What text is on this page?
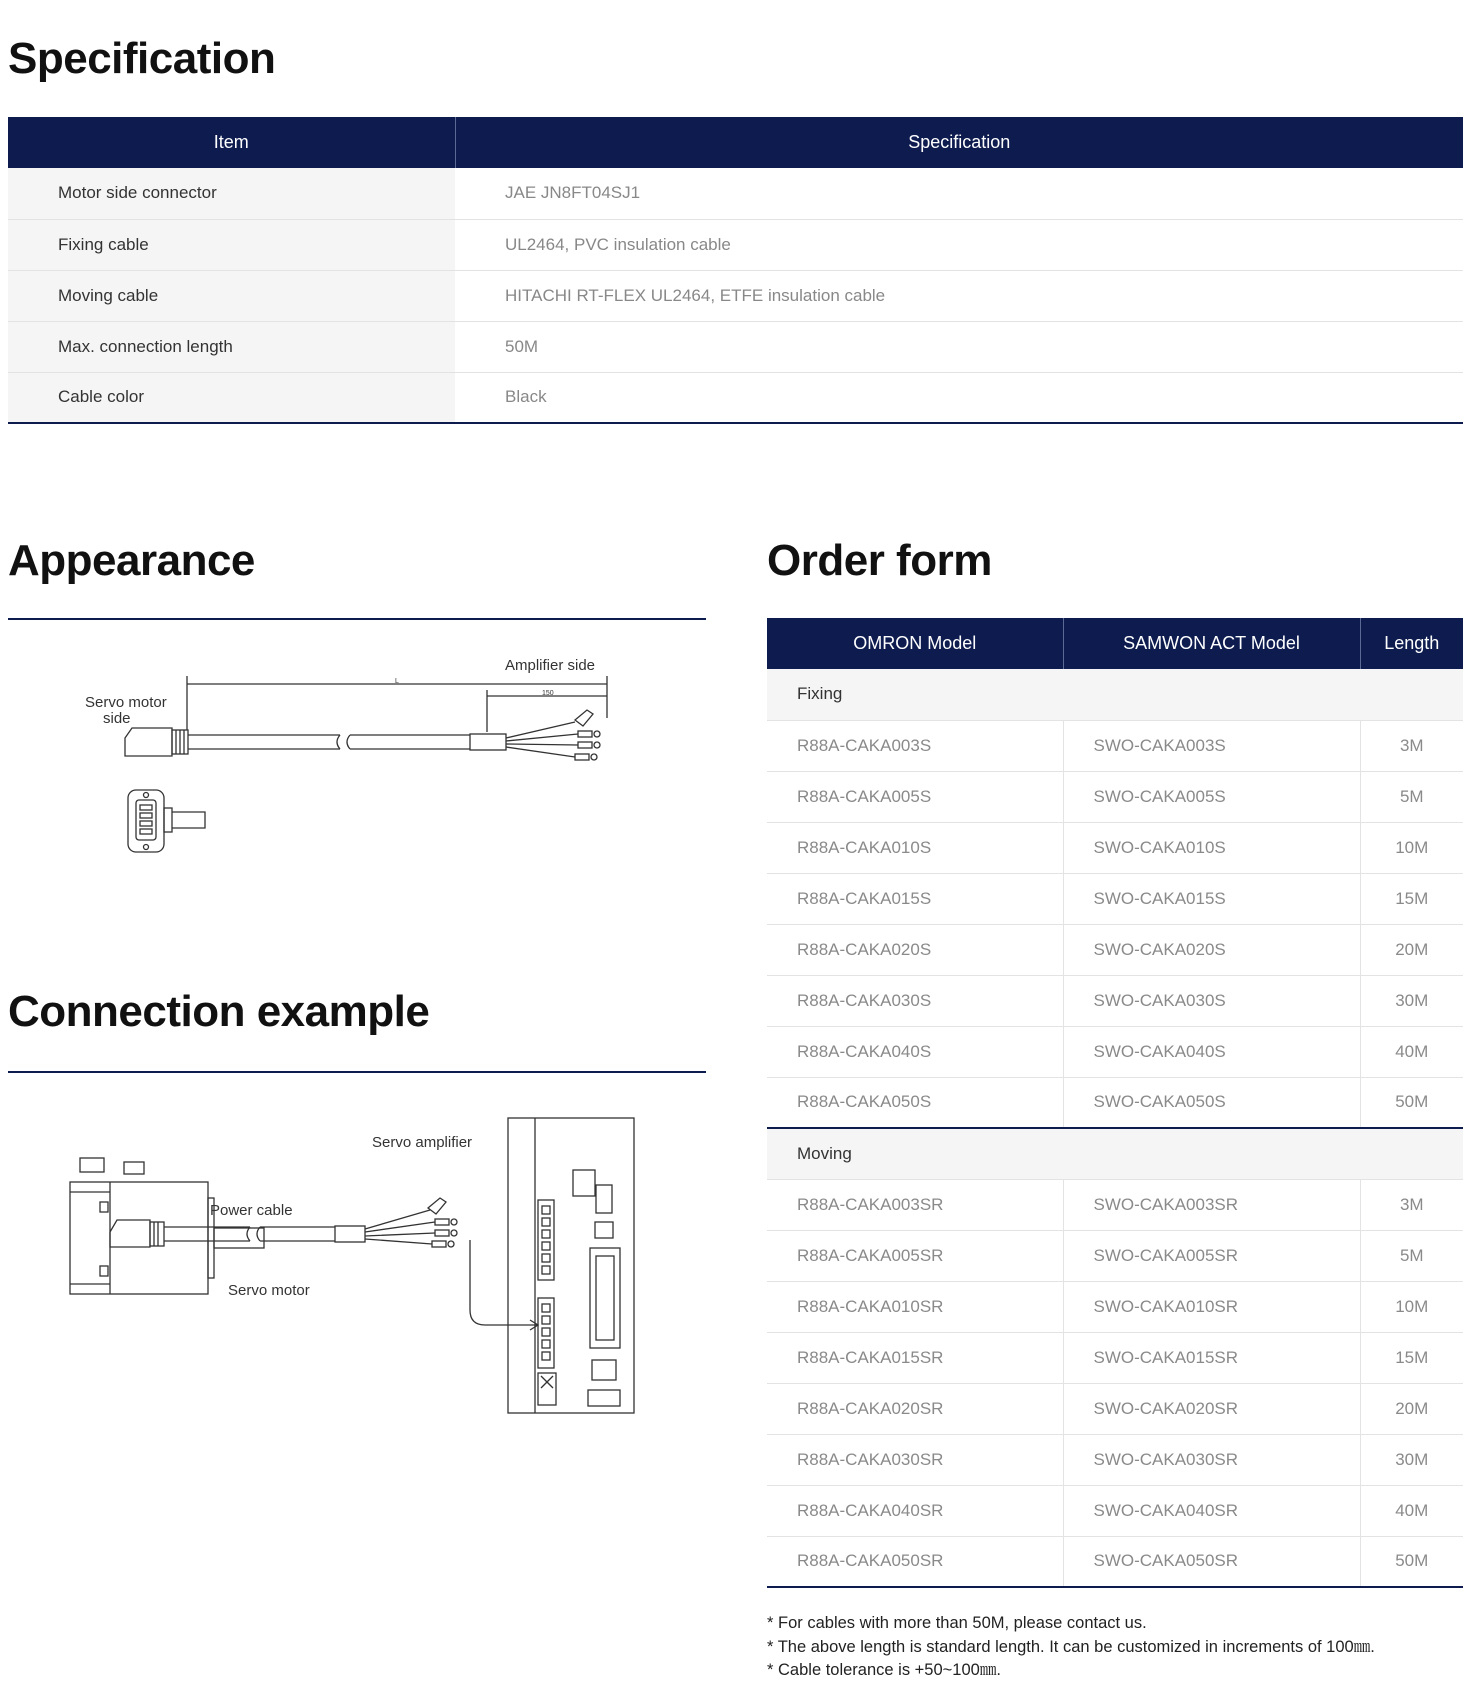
Specification
Item	Specification
Motor side connector	JAE JN8FT04SJ1
Fixing cable	UL2464, PVC insulation cable
Moving cable	HITACHI RT-FLEX UL2464, ETFE insulation cable
Max. connection length	50M
Cable color	Black
Appearance
Servo motor
side
Amplifier side
L
150
Connection example
Servo amplifier
Power cable
Servo motor
Order form
OMRON Model	SAMWON ACT Model	Length
Fixing		
R88A-CAKA003S	SWO-CAKA003S	3M
R88A-CAKA005S	SWO-CAKA005S	5M
R88A-CAKA010S	SWO-CAKA010S	10M
R88A-CAKA015S	SWO-CAKA015S	15M
R88A-CAKA020S	SWO-CAKA020S	20M
R88A-CAKA030S	SWO-CAKA030S	30M
R88A-CAKA040S	SWO-CAKA040S	40M
R88A-CAKA050S	SWO-CAKA050S	50M
Moving		
R88A-CAKA003SR	SWO-CAKA003SR	3M
R88A-CAKA005SR	SWO-CAKA005SR	5M
R88A-CAKA010SR	SWO-CAKA010SR	10M
R88A-CAKA015SR	SWO-CAKA015SR	15M
R88A-CAKA020SR	SWO-CAKA020SR	20M
R88A-CAKA030SR	SWO-CAKA030SR	30M
R88A-CAKA040SR	SWO-CAKA040SR	40M
R88A-CAKA050SR	SWO-CAKA050SR	50M
* For cables with more than 50M, please contact us.
* The above length is standard length. It can be customized in increments of 100㎜.
* Cable tolerance is +50~100㎜.
